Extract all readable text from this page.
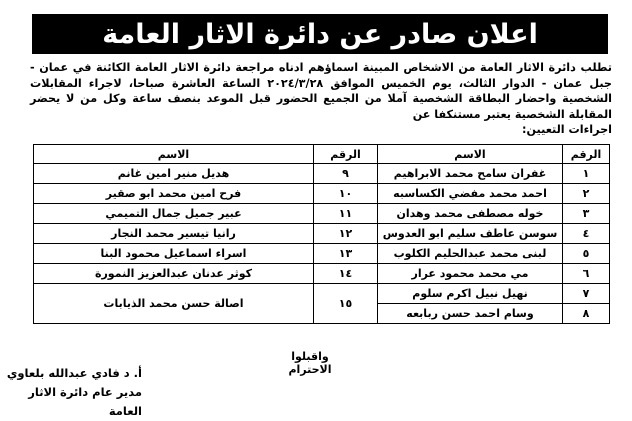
اعلان صادر عن دائرة الاثار العامة
تطلب دائرة الاثار العامة من الاشخاص المبينة اسماؤهم ادناه مراجعة دائرة الاثار العامة الكائنة في عمان - جبل عمان - الدوار الثالث، يوم الخميس الموافق ٢٠٢٤/٣/٢٨ الساعة العاشرة صباحا، لاجراء المقابلات الشخصية واحضار البطاقة الشخصية آملا من الجميع الحضور قبل الموعد بنصف ساعة وكل من لا يحضر المقابلة الشخصية يعتبر مستنكفا عن
اجراءات التعيين:
الرقم	الاسم	الرقم	الاسم
١	غفران سامح محمد الابراهيم	٩	هديل منير امين غانم
٢	احمد محمد مفضي الكساسبه	١٠	فرح امين محمد ابو صقير
٣	خوله مصطفى محمد وهدان	١١	عبير جميل جمال التميمي
٤	سوسن عاطف سليم ابو العدوس	١٢	رانيا تيسير محمد النجار
٥	لبنى محمد عبدالحليم الكلوب	١٣	اسراء اسماعيل محمود البنا
٦	مي محمد محمود عرار	١٤	كوثر عدنان عبدالعزيز النمورة
٧	نهيل نبيل اكرم سلوم	١٥	اصالة حسن محمد الذيابات
٨	وسام احمد حسن ربابعه		
واقبلوا الاحترام
أ. د فادي عبدالله بلعاوي
مدير عام دائرة الاثار العامة
